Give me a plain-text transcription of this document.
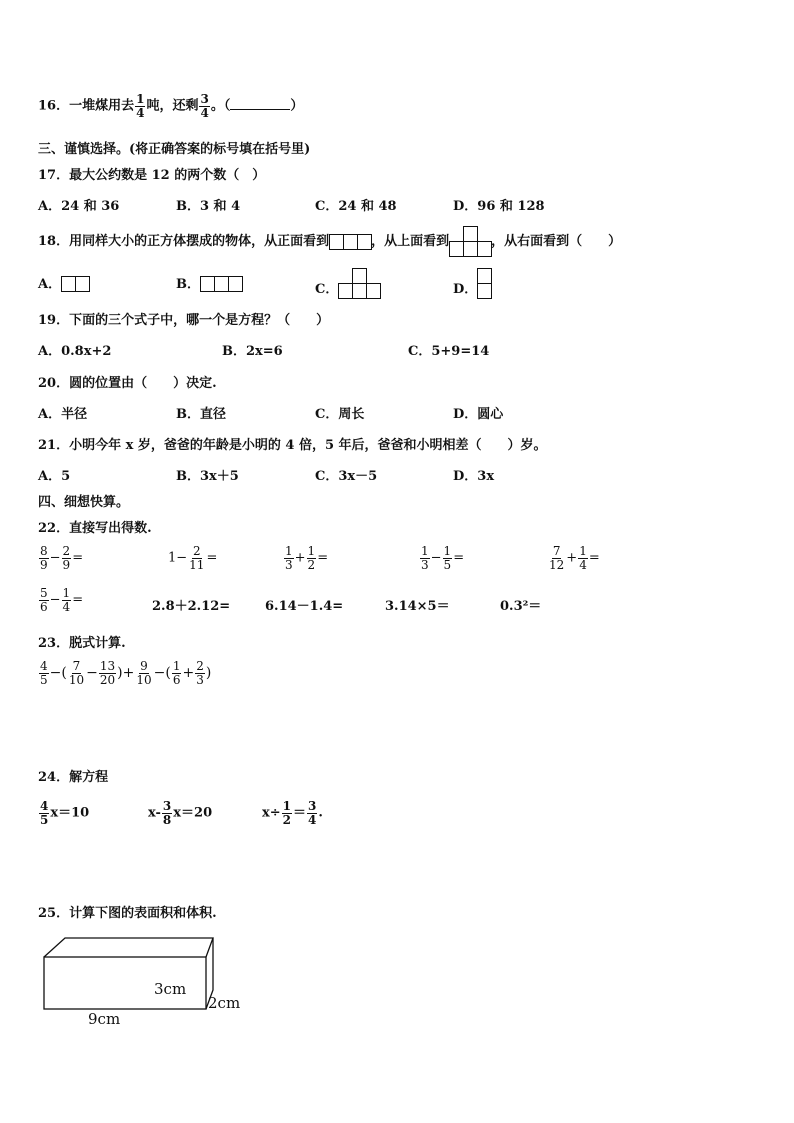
16．一堆煤用去 $\frac{1}{4}$ 吨，还剩 $\frac{3}{4}$ 。（	）
三、谨慎选择。(将正确答案的标号填在括号里)
17．最大公约数是 12 的两个数（　）
A．24 和 36	B．3 和 4	C．24 和 48	D．96 和 128
18．用同样大小的正方体摆成的物体，从正面看到	，从上面看到	，从右面看到（　　）
A．	B．	C．	D．
19．下面的三个式子中，哪一个是方程？（　　）
A．0.8x+2	B．2x=6	C．5+9=14
20．圆的位置由（　　）决定.
A．半径	B．直径	C．周长	D．圆心
21．小明今年 x 岁，爸爸的年龄是小明的 4 倍，5 年后，爸爸和小明相差（　　）岁。
A．5	B．3x＋5	C．3x－5	D．3x
四、细想快算。
22．直接写出得数.
$\frac{8}{9} - \frac{2}{9}$ =	$1- \frac{2}{11}$ =	$\frac{1}{3} + \frac{1}{2}$ =	$\frac{1}{3} - \frac{1}{5}$ =	$\frac{7}{12} + \frac{1}{4}$ =
$\frac{5}{6} - \frac{1}{4}$ =	2.8＋2.12=	6.14－1.4=	3.14×5＝	0.3²＝
23．脱式计算.
$\frac{4}{5}$ −( $\frac{7}{10} - \frac{13}{20}$ )+ $\frac{9}{10}$ −( $\frac{1}{6} + \frac{2}{3}$ )
24．解方程
$\frac{4}{5} x=10$	$x- \frac{3}{8} x=20$	$x\div \frac{1}{2} = \frac{3}{4}$ .
25．计算下图的表面积和体积.
3cm
2cm
9cm
